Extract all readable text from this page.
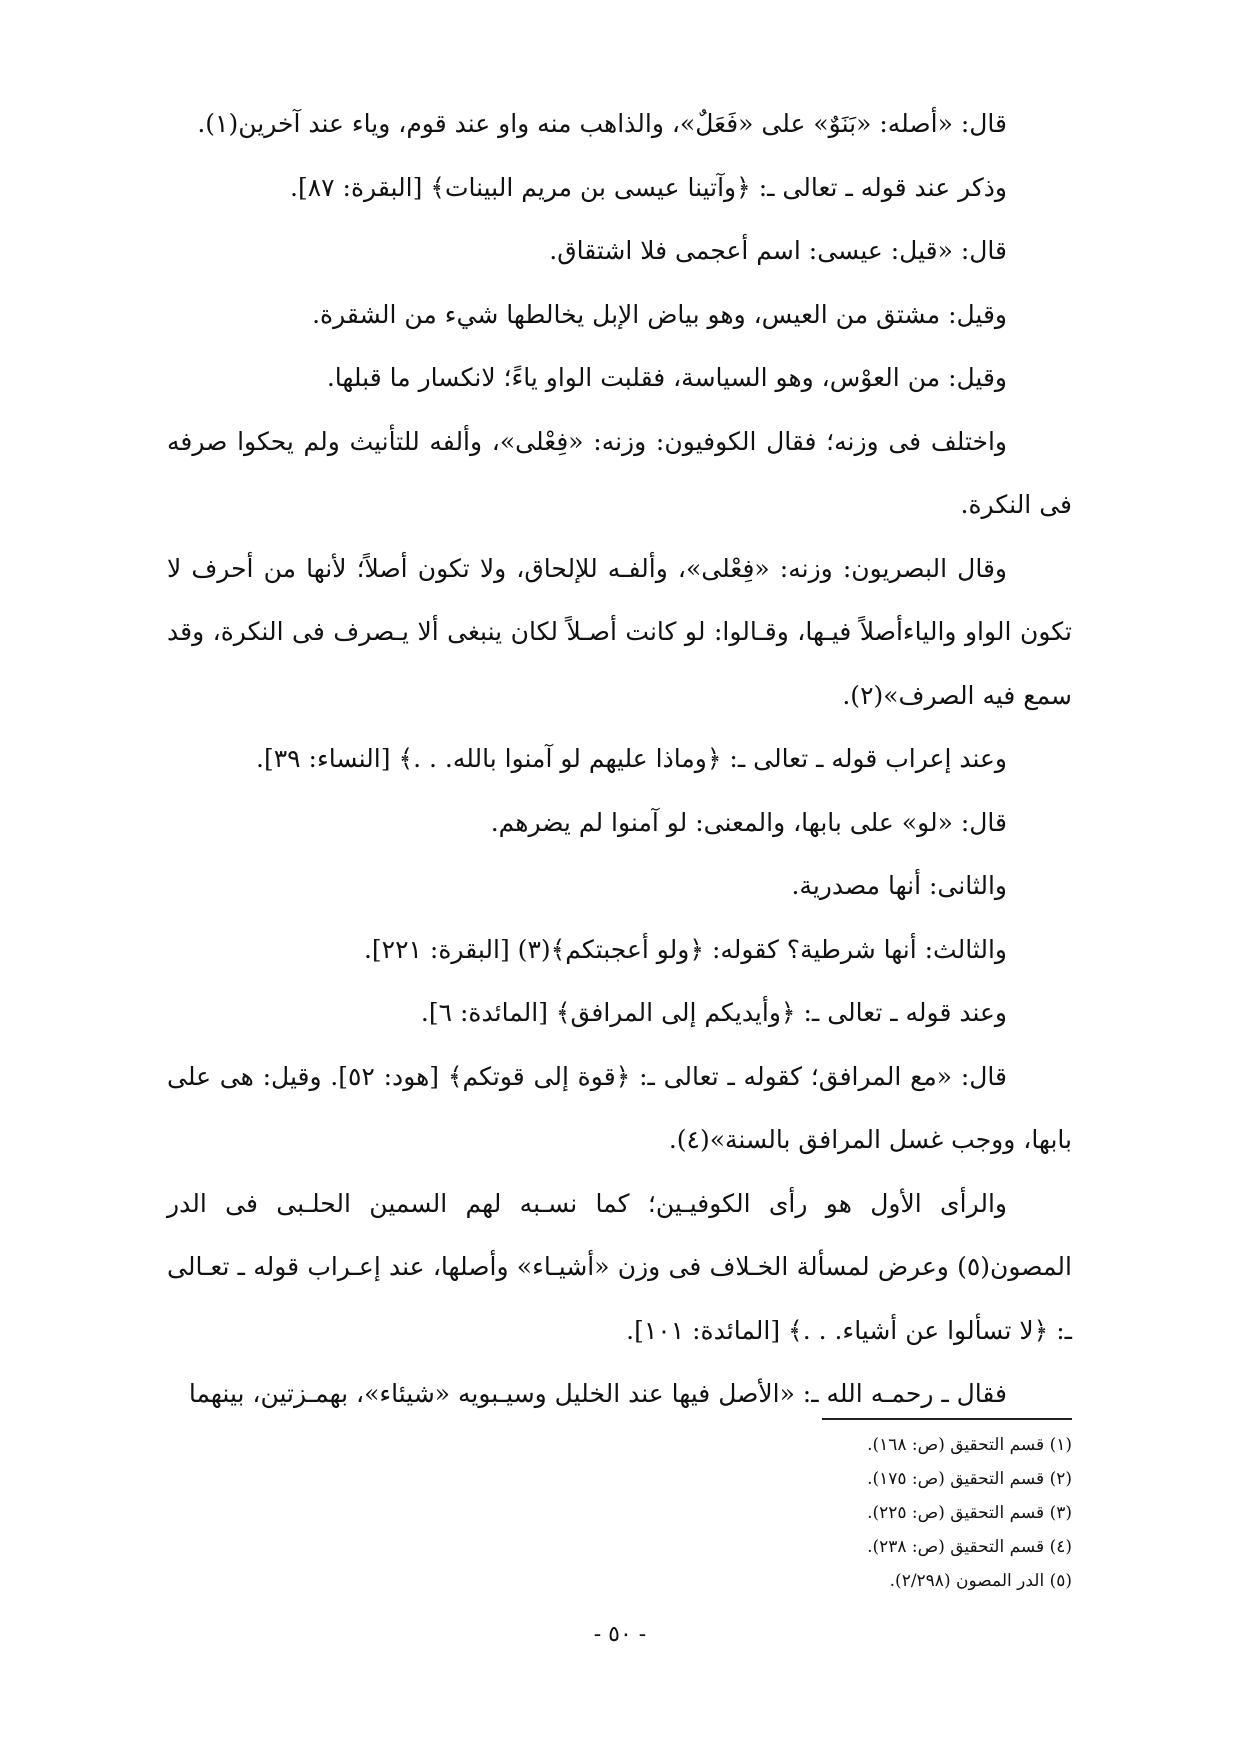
قال: «أصله: «بَنَوٌ» على «فَعَلٌ»، والذاهب منه واو عند قوم، وياء عند آخرين(١).

وذكر عند قوله ـ تعالى ـ: ﴿وآتينا عيسى بن مريم البينات﴾ [البقرة: ٨٧].

قال: «قيل: عيسى: اسم أعجمى فلا اشتقاق.

وقيل: مشتق من العيس، وهو بياض الإبل يخالطها شيء من الشقرة.

وقيل: من العوْس، وهو السياسة، فقلبت الواو ياءً؛ لانكسار ما قبلها.

واختلف فى وزنه؛ فقال الكوفيون: وزنه: «فِعْلى»، وألفه للتأنيث ولم يحكوا صرفه فى النكرة.

وقال البصريون: وزنه: «فِعْلى»، وألفـه للإلحاق، ولا تكون أصلاً؛ لأنها من أحرف لا تكون الواو والياءأصلاً فيـها، وقـالوا: لو كانت أصـلاً لكان ينبغى ألا يـصرف فى النكرة، وقد سمع فيه الصرف»(٢).

وعند إعراب قوله ـ تعالى ـ: ﴿وماذا عليهم لو آمنوا بالله. . .﴾ [النساء: ٣٩].

قال: «لو» على بابها، والمعنى: لو آمنوا لم يضرهم.

والثانى: أنها مصدرية.

والثالث: أنها شرطية؟ كقوله: ﴿ولو أعجبتكم﴾(٣) [البقرة: ٢٢١].

وعند قوله ـ تعالى ـ: ﴿وأيديكم إلى المرافق﴾ [المائدة: ٦].

قال: «مع المرافق؛ كقوله ـ تعالى ـ: ﴿قوة إلى قوتكم﴾ [هود: ٥٢]. وقيل: هى على بابها، ووجب غسل المرافق بالسنة»(٤).

والرأى الأول هو رأى الكوفيـين؛ كما نسـبه لهم السمين الحلـبى فى الدر المصون(٥) وعرض لمسألة الخـلاف فى وزن «أشيـاء» وأصلها، عند إعـراب قوله ـ تعـالى ـ: ﴿لا تسألوا عن أشياء. . .﴾ [المائدة: ١٠١].

فقال ـ رحمـه الله ـ: «الأصل فيها عند الخليل وسيـبويه «شيئاء»، بهمـزتين، بينهما

(١) قسم التحقيق (ص: ١٦٨).

(٢) قسم التحقيق (ص: ١٧٥).

(٣) قسم التحقيق (ص: ٢٢٥).

(٤) قسم التحقيق (ص: ٢٣٨).

(٥) الدر المصون (٢/٢٩٨).

- ٥٠ -
